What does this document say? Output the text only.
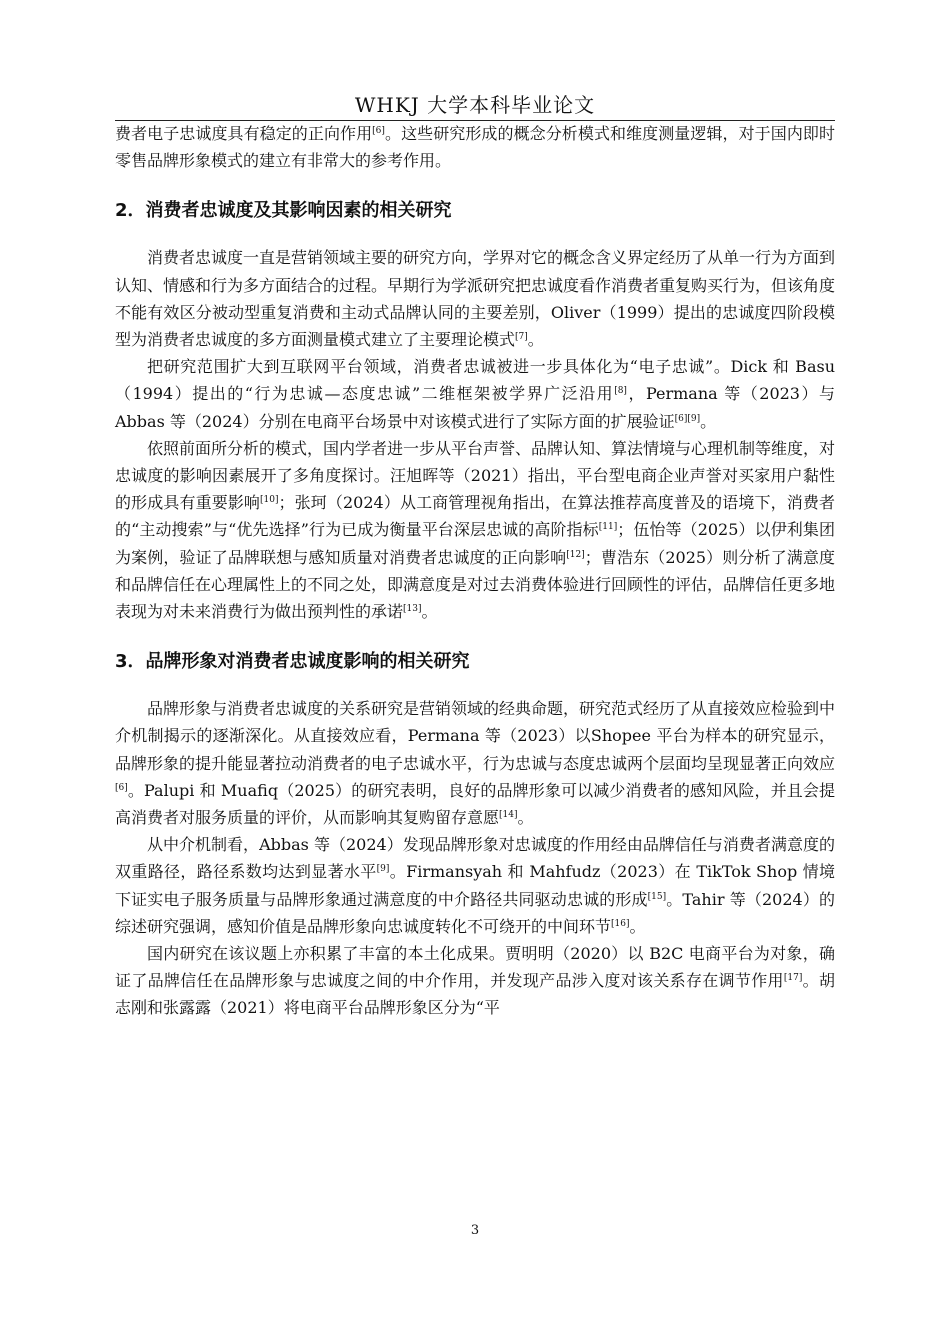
WHKJ 大学本科毕业论文

费者电子忠诚度具有稳定的正向作用[6]。这些研究形成的概念分析模式和维度测量逻辑，对于国内即时零售品牌形象模式的建立有非常大的参考作用。

2．消费者忠诚度及其影响因素的相关研究

消费者忠诚度一直是营销领域主要的研究方向，学界对它的概念含义界定经历了从单一行为方面到认知、情感和行为多方面结合的过程。早期行为学派研究把忠诚度看作消费者重复购买行为，但该角度不能有效区分被动型重复消费和主动式品牌认同的主要差别，Oliver（1999）提出的忠诚度四阶段模型为消费者忠诚度的多方面测量模式建立了主要理论模式[7]。

把研究范围扩大到互联网平台领域，消费者忠诚被进一步具体化为“电子忠诚”。Dick 和 Basu（1994）提出的“行为忠诚—态度忠诚”二维框架被学界广泛沿用[8]，Permana 等（2023）与 Abbas 等（2024）分别在电商平台场景中对该模式进行了实际方面的扩展验证[6][9]。

依照前面所分析的模式，国内学者进一步从平台声誉、品牌认知、算法情境与心理机制等维度，对忠诚度的影响因素展开了多角度探讨。汪旭晖等（2021）指出，平台型电商企业声誉对买家用户黏性的形成具有重要影响[10]；张珂（2024）从工商管理视角指出，在算法推荐高度普及的语境下，消费者的“主动搜索”与“优先选择”行为已成为衡量平台深层忠诚的高阶指标[11]；伍怡等（2025）以伊利集团为案例，验证了品牌联想与感知质量对消费者忠诚度的正向影响[12]；曹浩东（2025）则分析了满意度和品牌信任在心理属性上的不同之处，即满意度是对过去消费体验进行回顾性的评估，品牌信任更多地表现为对未来消费行为做出预判性的承诺[13]。

3．品牌形象对消费者忠诚度影响的相关研究

品牌形象与消费者忠诚度的关系研究是营销领域的经典命题，研究范式经历了从直接效应检验到中介机制揭示的逐渐深化。从直接效应看，Permana 等（2023）以Shopee 平台为样本的研究显示，品牌形象的提升能显著拉动消费者的电子忠诚水平，行为忠诚与态度忠诚两个层面均呈现显著正向效应[6]。Palupi 和 Muafiq（2025）的研究表明，良好的品牌形象可以减少消费者的感知风险，并且会提高消费者对服务质量的评价，从而影响其复购留存意愿[14]。

从中介机制看，Abbas 等（2024）发现品牌形象对忠诚度的作用经由品牌信任与消费者满意度的双重路径，路径系数均达到显著水平[9]。Firmansyah 和 Mahfudz（2023）在 TikTok Shop 情境下证实电子服务质量与品牌形象通过满意度的中介路径共同驱动忠诚的形成[15]。Tahir 等（2024）的综述研究强调，感知价值是品牌形象向忠诚度转化不可绕开的中间环节[16]。

国内研究在该议题上亦积累了丰富的本土化成果。贾明明（2020）以 B2C 电商平台为对象，确证了品牌信任在品牌形象与忠诚度之间的中介作用，并发现产品涉入度对该关系存在调节作用[17]。胡志刚和张露露（2021）将电商平台品牌形象区分为“平

3
